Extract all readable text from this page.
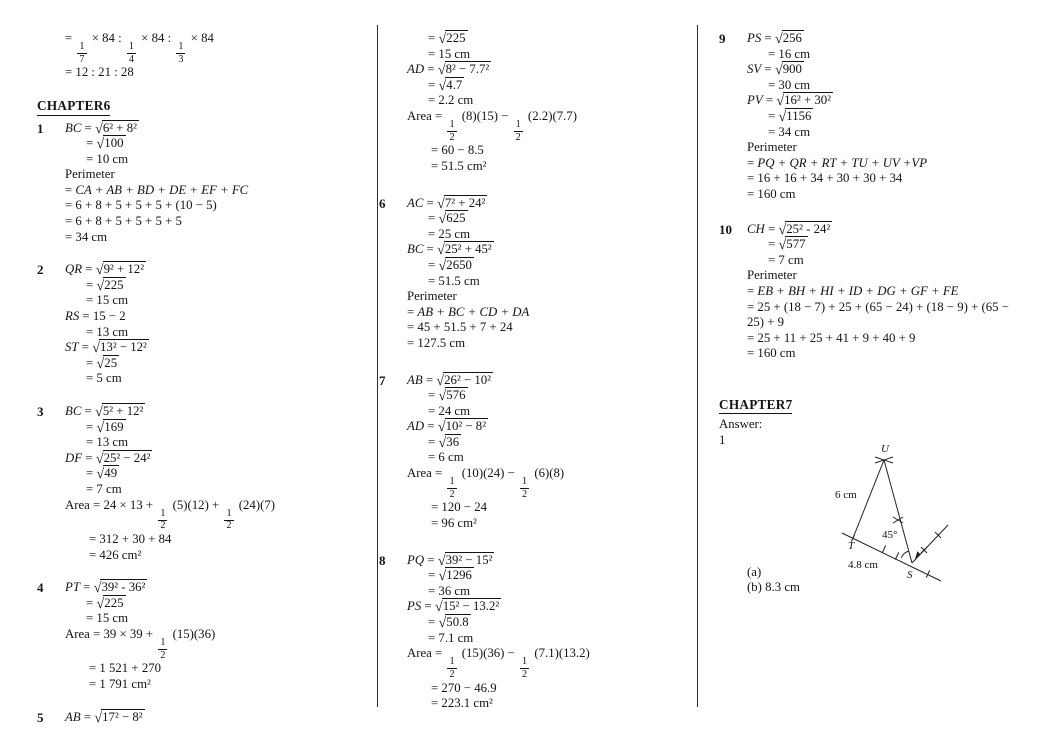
=
$\frac{1}{7}$
× 84 :
$\frac{1}{4}$
× 84 :
$\frac{1}{3}$
× 84
= 12 : 21 : 28
CHAPTER6
1 BC = √6² + 8²
= √100
= 10 cm
Perimeter
= CA + AB + BD + DE + EF + FC
= 6 + 8 + 5 + 5 + 5 + (10 − 5)
= 6 + 8 + 5 + 5 + 5 + 5
= 34 cm
2 QR = √9² + 12²
= √225
= 15 cm
RS = 15 − 2
= 13 cm
ST = √13² − 12²
= √25
= 5 cm
3 BC = √5² + 12²
= √169
= 13 cm
DF = √25² − 24²
= √49
= 7 cm
Area = 24 × 13 +
$\frac{1}{2}$
(5)(12) +
$\frac{1}{2}$
(24)(7)
= 312 + 30 + 84
= 426 cm²
4 PT = √39² - 36²
= √225
= 15 cm
Area = 39 × 39 +
$\frac{1}{2}$
(15)(36)
= 1 521 + 270
= 1 791 cm²
5 AB = √17² − 8²
= √225
= 15 cm
AD = √8² − 7.7²
= √4.7
= 2.2 cm
Area =
$\frac{1}{2}$
(8)(15) −
$\frac{1}{2}$
(2.2)(7.7)
= 60 − 8.5
= 51.5 cm²
6 AC = √7² + 24²
= √625
= 25 cm
BC = √25² + 45²
= √2650
= 51.5 cm
Perimeter
= AB + BC + CD + DA
= 45 + 51.5 + 7 + 24
= 127.5 cm
7 AB = √26² − 10²
= √576
= 24 cm
AD = √10² − 8²
= √36
= 6 cm
Area =
$\frac{1}{2}$
(10)(24) −
$\frac{1}{2}$
(6)(8)
= 120 − 24
= 96 cm²
8 PQ = √39² − 15²
= √1296
= 36 cm
PS = √15² − 13.2²
= √50.8
= 7.1 cm
Area =
$\frac{1}{2}$
(15)(36) −
$\frac{1}{2}$
(7.1)(13.2)
= 270 − 46.9
= 223.1 cm²
9 PS = √256
= 16 cm
SV = √900
= 30 cm
PV = √16² + 30²
= √1156
= 34 cm
Perimeter
= PQ + QR + RT + TU + UV +VP
= 16 + 16 + 34 + 30 + 30 + 34
= 160 cm
10 CH = √25² - 24²
= √577
= 7 cm
Perimeter
= EB + BH + HI + ID + DG + GF + FE
= 25 + (18 − 7) + 25 + (65 − 24) + (18 − 9) + (65 −
25) + 9
= 25 + 11 + 25 + 41 + 9 + 40 + 9
= 160 cm
CHAPTER7
Answer:
1
(a)
(b) 8.3 cm
U
T
S
6 cm
45°
4.8 cm
